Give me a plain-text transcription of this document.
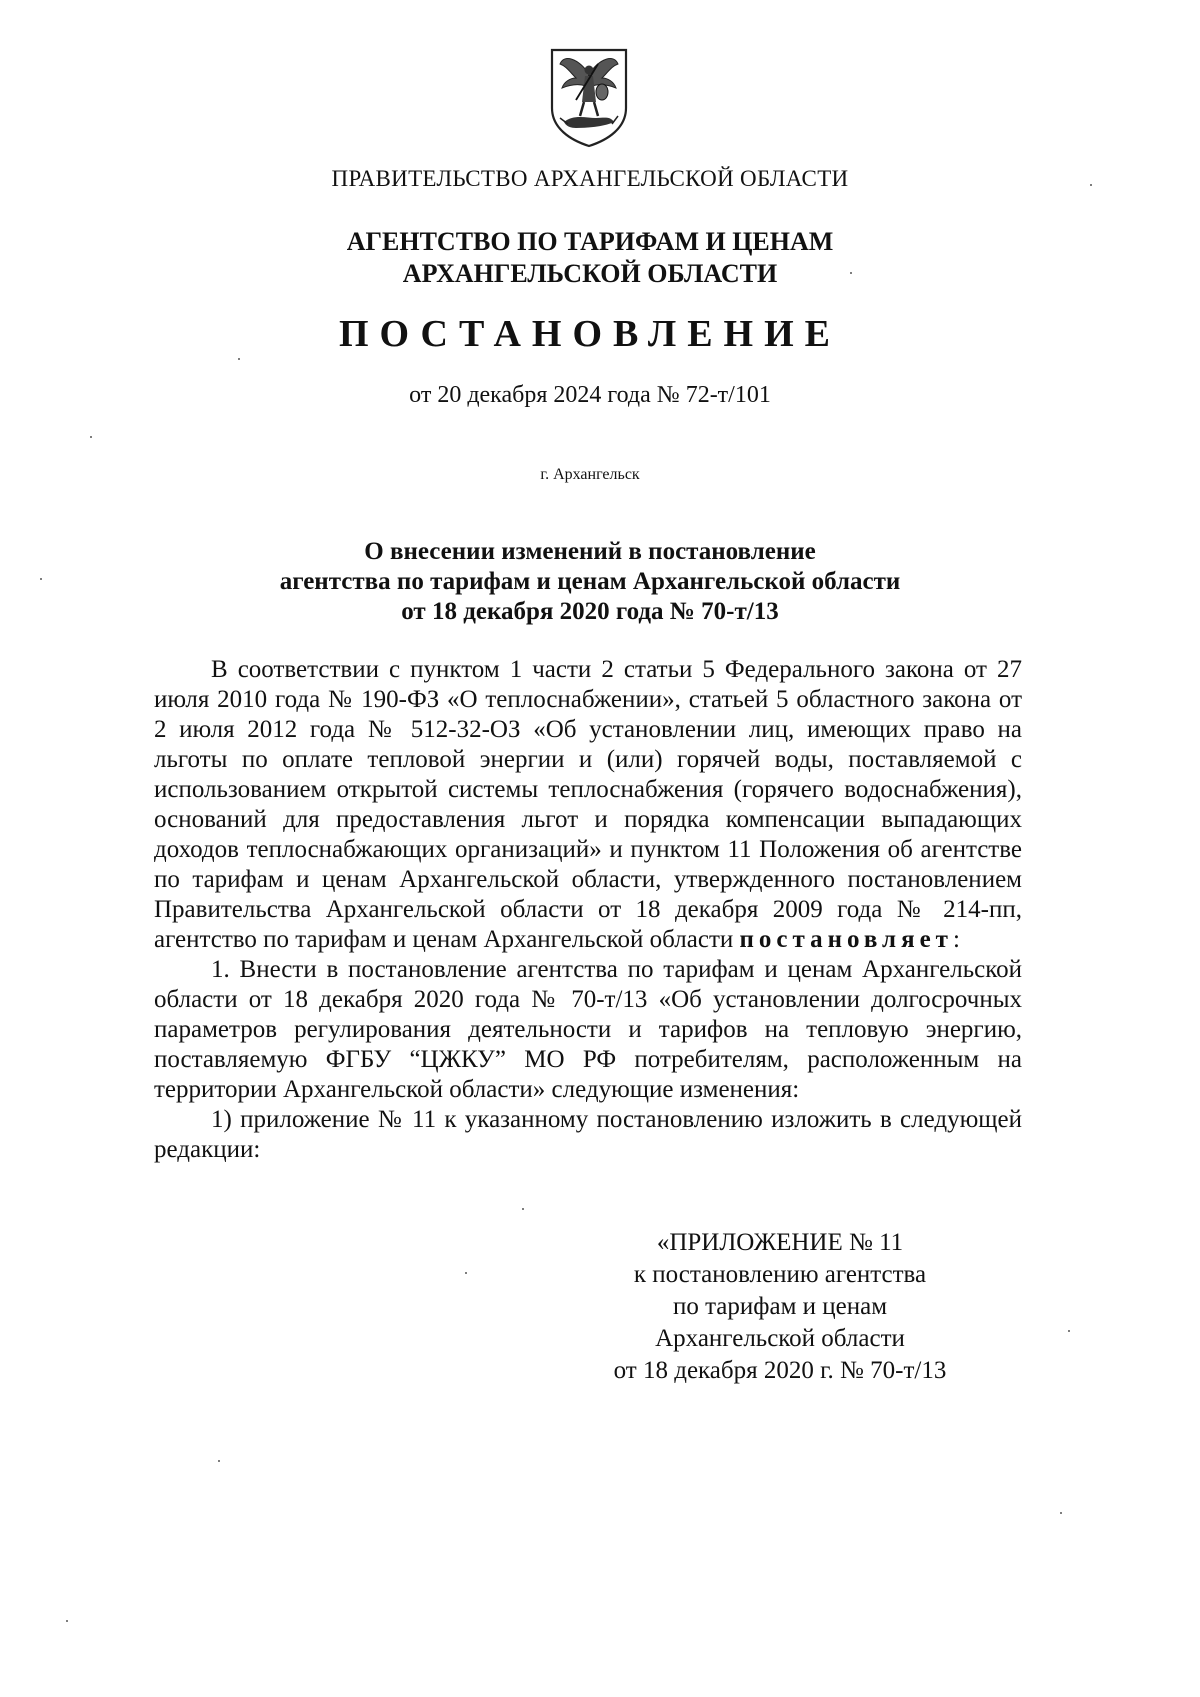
ПРАВИТЕЛЬСТВО АРХАНГЕЛЬСКОЙ ОБЛАСТИ
АГЕНТСТВО ПО ТАРИФАМ И ЦЕНАМ
АРХАНГЕЛЬСКОЙ ОБЛАСТИ
ПОСТАНОВЛЕНИЕ
от 20 декабря 2024 года № 72-т/101
г. Архангельск
О внесении изменений в постановление
агентства по тарифам и ценам Архангельской области
от 18 декабря 2020 года № 70-т/13

В соответствии с пунктом 1 части 2 статьи 5 Федерального закона от 27 июля 2010 года № 190-ФЗ «О теплоснабжении», статьей 5 областного закона от 2 июля 2012 года № 512-32-ОЗ «Об установлении лиц, имеющих право на льготы по оплате тепловой энергии и (или) горячей воды, поставляемой с использованием открытой системы теплоснабжения (горячего водоснабжения), оснований для предоставления льгот и порядка компенсации выпадающих доходов теплоснабжающих организаций» и пунктом 11 Положения об агентстве по тарифам и ценам Архангельской области, утвержденного постановлением Правительства Архангельской области от 18 декабря 2009 года № 214-пп, агентство по тарифам и ценам Архангельской области постановляет:

1. Внести в постановление агентства по тарифам и ценам Архангельской области от 18 декабря 2020 года № 70-т/13 «Об установлении долгосрочных параметров регулирования деятельности и тарифов на тепловую энергию, поставляемую ФГБУ “ЦЖКУ” МО РФ потребителям, расположенным на территории Архангельской области» следующие изменения:

1) приложение № 11 к указанному постановлению изложить в следующей редакции:

«ПРИЛОЖЕНИЕ № 11
к постановлению агентства
по тарифам и ценам
Архангельской области
от 18 декабря 2020 г. № 70-т/13
